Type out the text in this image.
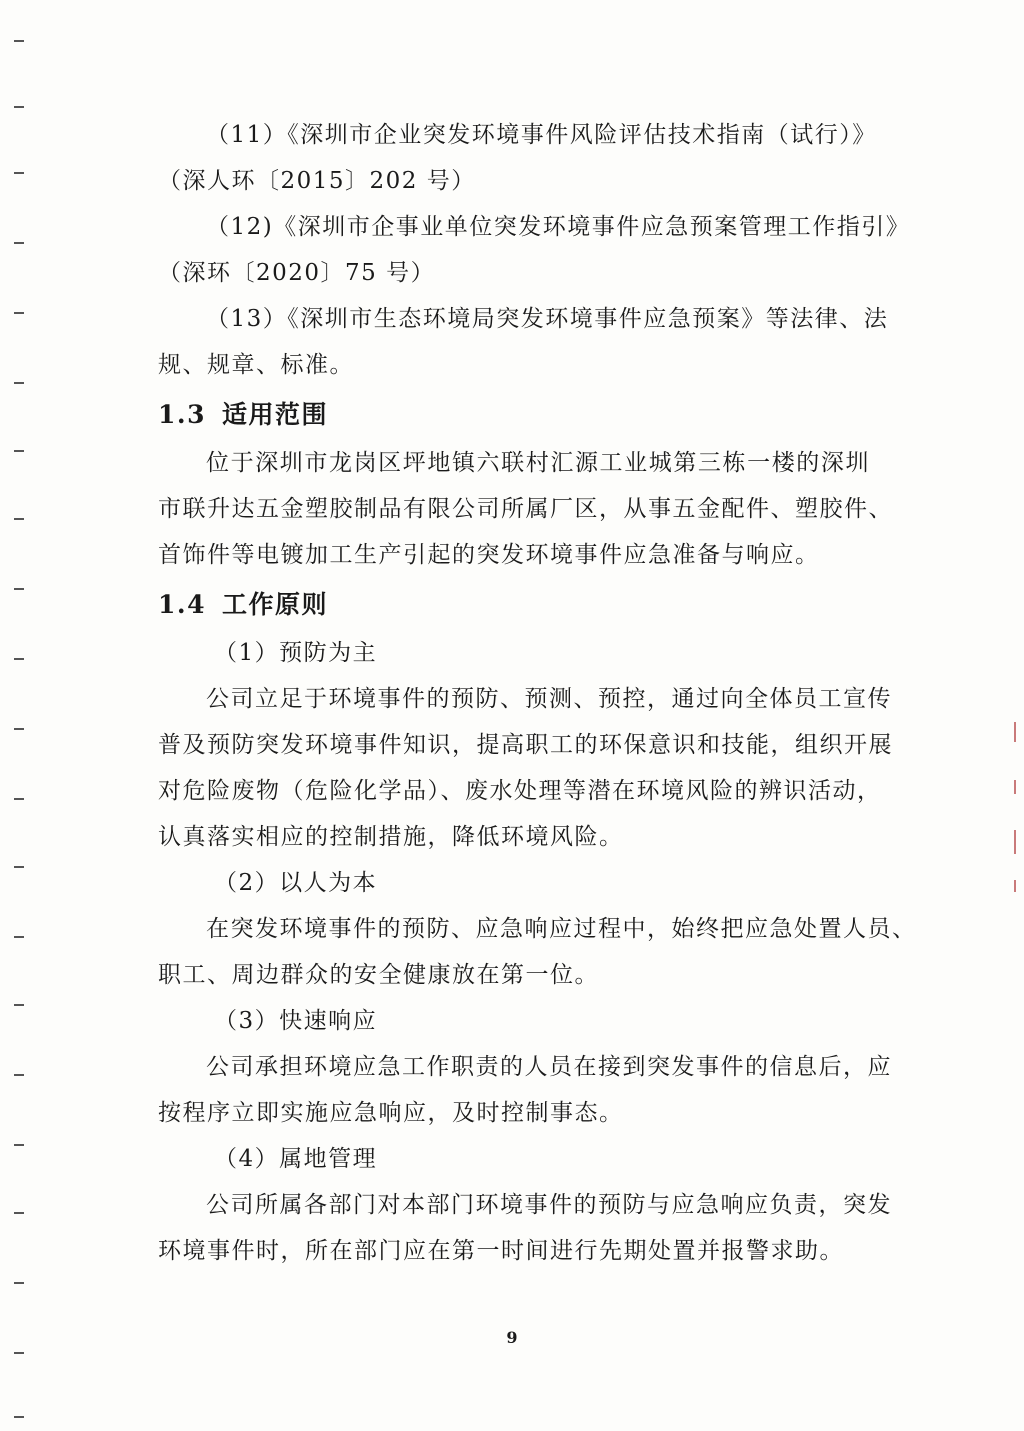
（11）《深圳市企业突发环境事件风险评估技术指南（试行）》
（深人环〔2015〕202 号）
（12)《深圳市企事业单位突发环境事件应急预案管理工作指引》
（深环〔2020〕75 号）
（13）《深圳市生态环境局突发环境事件应急预案》等法律、法
规、规章、标准。
1.3 适用范围
位于深圳市龙岗区坪地镇六联村汇源工业城第三栋一楼的深圳
市联升达五金塑胶制品有限公司所属厂区，从事五金配件、塑胶件、
首饰件等电镀加工生产引起的突发环境事件应急准备与响应。
1.4 工作原则
（1）预防为主
公司立足于环境事件的预防、预测、预控，通过向全体员工宣传
普及预防突发环境事件知识，提高职工的环保意识和技能，组织开展
对危险废物（危险化学品）、废水处理等潜在环境风险的辨识活动，
认真落实相应的控制措施，降低环境风险。
（2）以人为本
在突发环境事件的预防、应急响应过程中，始终把应急处置人员、
职工、周边群众的安全健康放在第一位。
（3）快速响应
公司承担环境应急工作职责的人员在接到突发事件的信息后，应
按程序立即实施应急响应，及时控制事态。
（4）属地管理
公司所属各部门对本部门环境事件的预防与应急响应负责，突发
环境事件时，所在部门应在第一时间进行先期处置并报警求助。
9
